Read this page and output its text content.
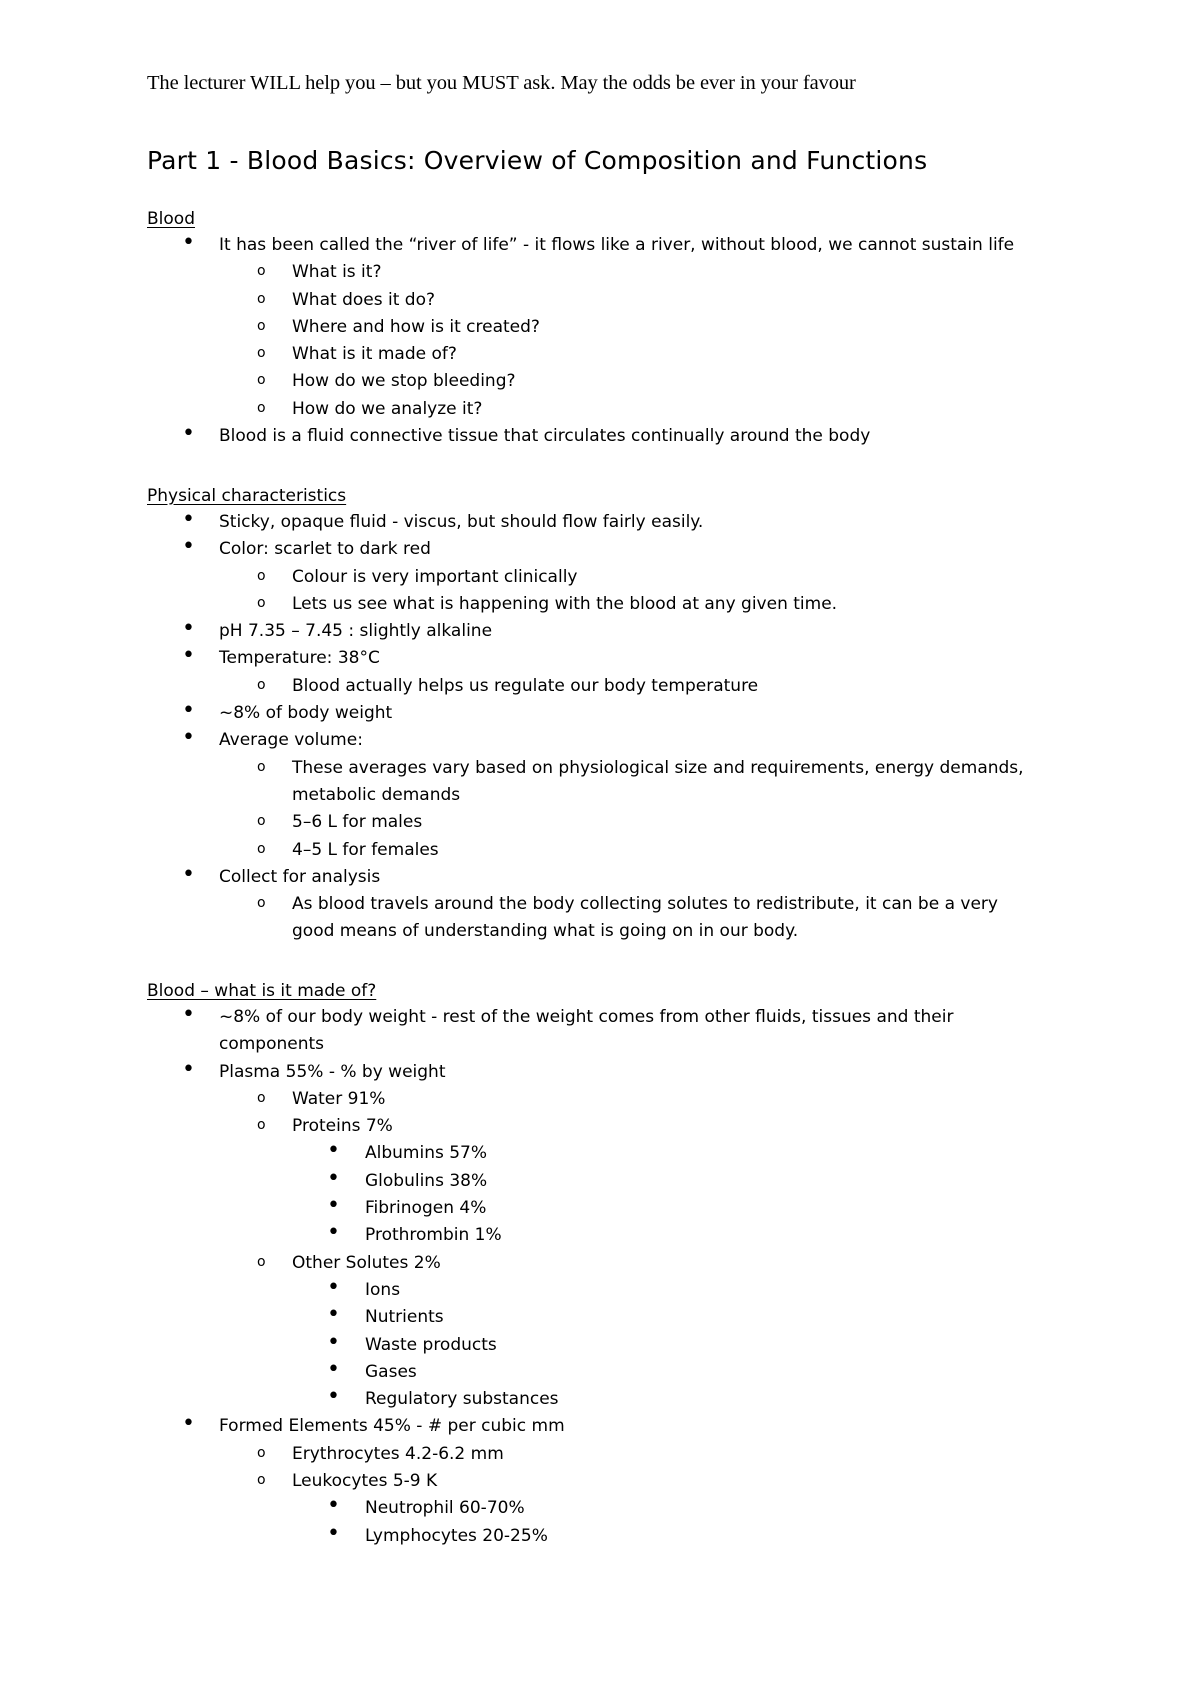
The lecturer WILL help you – but you MUST ask. May the odds be ever in your favour
Part 1 - Blood Basics: Overview of Composition and Functions
Blood
• It has been called the “river of life” - it flows like a river, without blood, we cannot sustain life
o What is it?
o What does it do?
o Where and how is it created?
o What is it made of?
o How do we stop bleeding?
o How do we analyze it?
• Blood is a fluid connective tissue that circulates continually around the body
Physical characteristics
• Sticky, opaque fluid - viscus, but should flow fairly easily.
• Color: scarlet to dark red
o Colour is very important clinically
o Lets us see what is happening with the blood at any given time.
• pH 7.35 – 7.45 : slightly alkaline
• Temperature: 38°C
o Blood actually helps us regulate our body temperature
• ~8% of body weight
• Average volume:
o These averages vary based on physiological size and requirements, energy demands,
metabolic demands
o 5–6 L for males
o 4–5 L for females
• Collect for analysis
o As blood travels around the body collecting solutes to redistribute, it can be a very
good means of understanding what is going on in our body.
Blood – what is it made of?
• ~8% of our body weight - rest of the weight comes from other fluids, tissues and their
components
• Plasma 55% - % by weight
o Water 91%
o Proteins 7%
• Albumins 57%
• Globulins 38%
• Fibrinogen 4%
• Prothrombin 1%
o Other Solutes 2%
• Ions
• Nutrients
• Waste products
• Gases
• Regulatory substances
• Formed Elements 45% - # per cubic mm
o Erythrocytes 4.2-6.2 mm
o Leukocytes 5-9 K
• Neutrophil 60-70%
• Lymphocytes 20-25%
